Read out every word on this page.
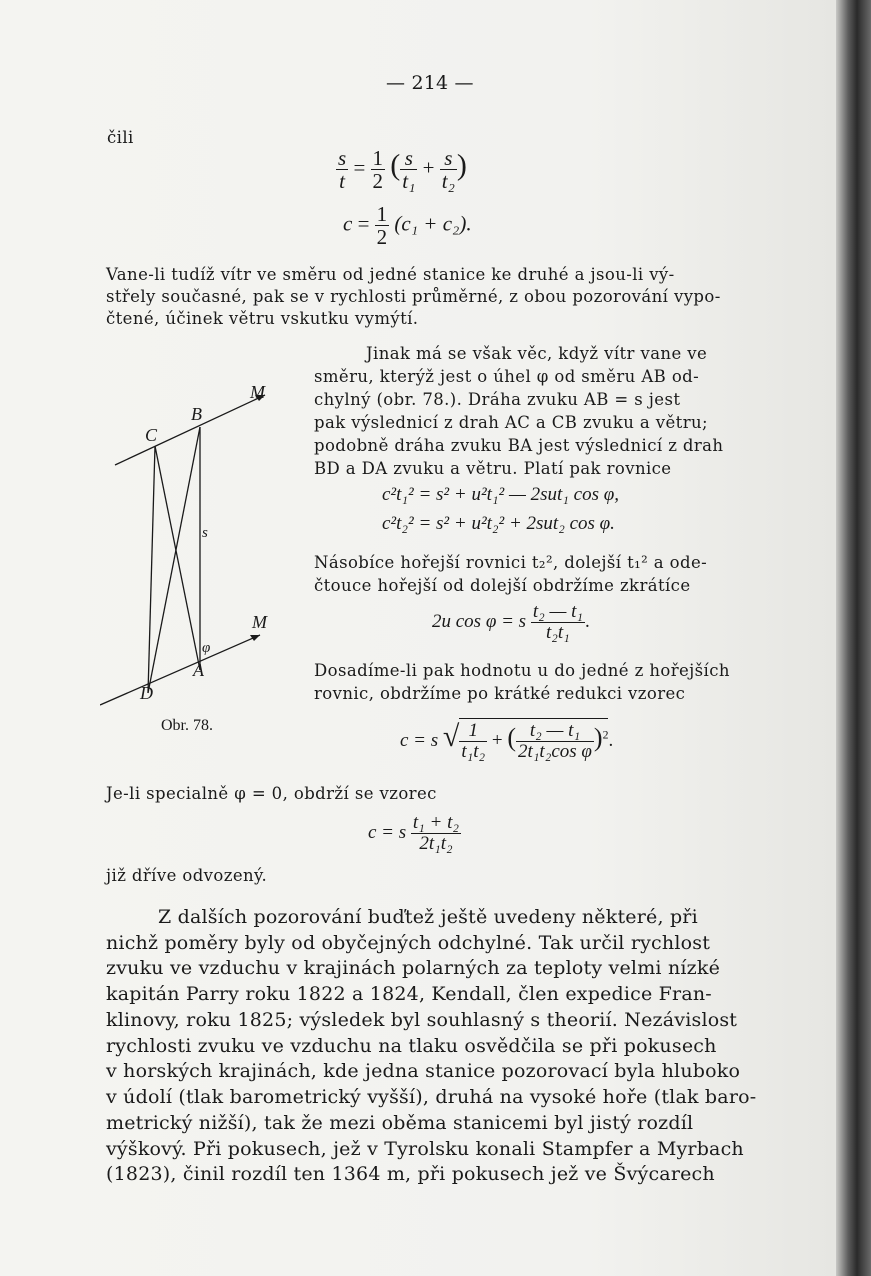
— 214 —
čili
$\frac{s}{t} = \frac{1}{2}$ ( $\frac{s}{\text{t₁}} + \frac{s}{\text{t₂}}$ )
$c = \frac{1}{2} (c_1 + c_2)$.
Vane-li tudíž vítr ve směru od jedné stanice ke druhé a jsou-li vý-
střely současné, pak se v rychlosti průměrné, z obou pozorování vypo-
čtené, účinek větru vskutku vymýtí.
Jinak má se však věc, když vítr vane ve
směru, kterýž jest o úhel φ od směru AB od-
chylný (obr. 78.). Dráha zvuku AB = s jest
pak výslednicí z drah AC a CB zvuku a větru;
podobně dráha zvuku BA jest výslednicí z drah
BD a DA zvuku a větru. Platí pak rovnice
c²t₁² = s² + u²t₁² — 2sut₁ cos φ,
c²t₂² = s² + u²t₂² + 2sut₂ cos φ.
Násobíce hořejší rovnici t₂², dolejší t₁² a ode-
čtouce hořejší od dolejší obdržíme zkrátíce
2u cos φ = s $\frac{\text{t₂ — t₁}}{\text{t₂t₁}}$ .
Dosadíme-li pak hodnotu u do jedné z hořejších
rovnic, obdržíme po krátké redukci vzorec
c = s √ $\frac{1}{\text{t₁t₂}}$ + ( $\frac{\text{t₂ — t₁}}{\text{2t₁t₂cos φ}} )^2$.
M
B
C
s
M
φ
A
D
Obr. 78.
Je-li specialně φ = 0, obdrží se vzorec
c = s $\frac{\text{t₁ + t₂}}{\text{2t₁t₂}}$
již dříve odvozený.
Z dalších pozorování buďtež ještě uvedeny některé, při
nichž poměry byly od obyčejných odchylné. Tak určil rychlost
zvuku ve vzduchu v krajinách polarných za teploty velmi nízké
kapitán Parry roku 1822 a 1824, Kendall, člen expedice Fran-
klinovy, roku 1825; výsledek byl souhlasný s theorií. Nezávislost
rychlosti zvuku ve vzduchu na tlaku osvědčila se při pokusech
v horských krajinách, kde jedna stanice pozorovací byla hluboko
v údolí (tlak barometrický vyšší), druhá na vysoké hoře (tlak baro-
metrický nižší), tak že mezi oběma stanicemi byl jistý rozdíl
výškový. Při pokusech, jež v Tyrolsku konali Stampfer a Myrbach
(1823), činil rozdíl ten 1364 m, při pokusech jež ve Švýcarech
